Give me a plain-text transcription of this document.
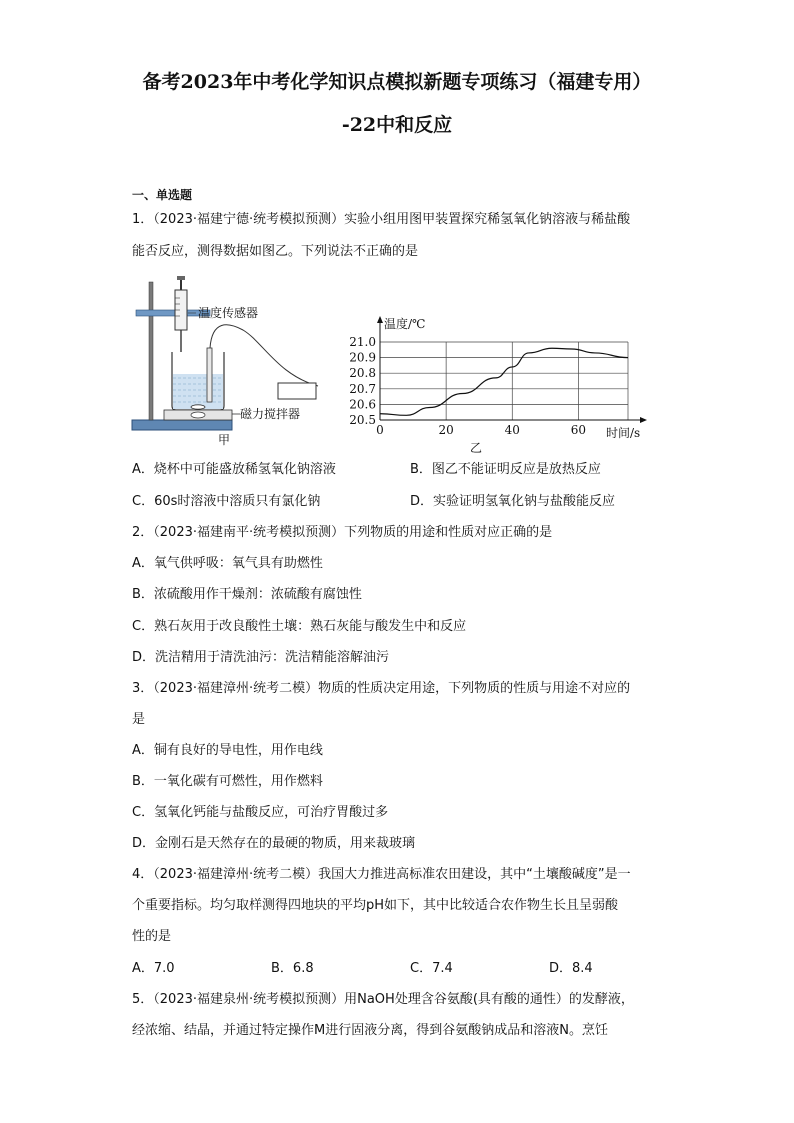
备考2023年中考化学知识点模拟新题专项练习（福建专用）
-22中和反应
一、单选题
1．（2023·福建宁德·统考模拟预测）实验小组用图甲装置探究稀氢氧化钠溶液与稀盐酸
能否反应，测得数据如图乙。下列说法不正确的是
温度传感器
磁力搅拌器
甲
20.5
20.6
20.7
20.8
20.9
21.0
0	20	40	60
温度/℃
时间/s
乙
A．烧杯中可能盛放稀氢氧化钠溶液	B．图乙不能证明反应是放热反应
C．60s时溶液中溶质只有氯化钠	D．实验证明氢氧化钠与盐酸能反应
2．（2023·福建南平·统考模拟预测）下列物质的用途和性质对应正确的是
A．氧气供呼吸：氧气具有助燃性
B．浓硫酸用作干燥剂：浓硫酸有腐蚀性
C．熟石灰用于改良酸性土壤：熟石灰能与酸发生中和反应
D．洗洁精用于清洗油污：洗洁精能溶解油污
3．（2023·福建漳州·统考二模）物质的性质决定用途，下列物质的性质与用途不对应的
是
A．铜有良好的导电性，用作电线
B．一氧化碳有可燃性，用作燃料
C．氢氧化钙能与盐酸反应，可治疗胃酸过多
D．金刚石是天然存在的最硬的物质，用来裁玻璃
4．（2023·福建漳州·统考二模）我国大力推进高标准农田建设，其中“土壤酸碱度”是一
个重要指标。均匀取样测得四地块的平均pH如下，其中比较适合农作物生长且呈弱酸
性的是
A．7.0	B．6.8	C．7.4	D．8.4
5．（2023·福建泉州·统考模拟预测）用NaOH处理含谷氨酸(具有酸的通性）的发酵液，
经浓缩、结晶，并通过特定操作M进行固液分离，得到谷氨酸钠成品和溶液N。烹饪
